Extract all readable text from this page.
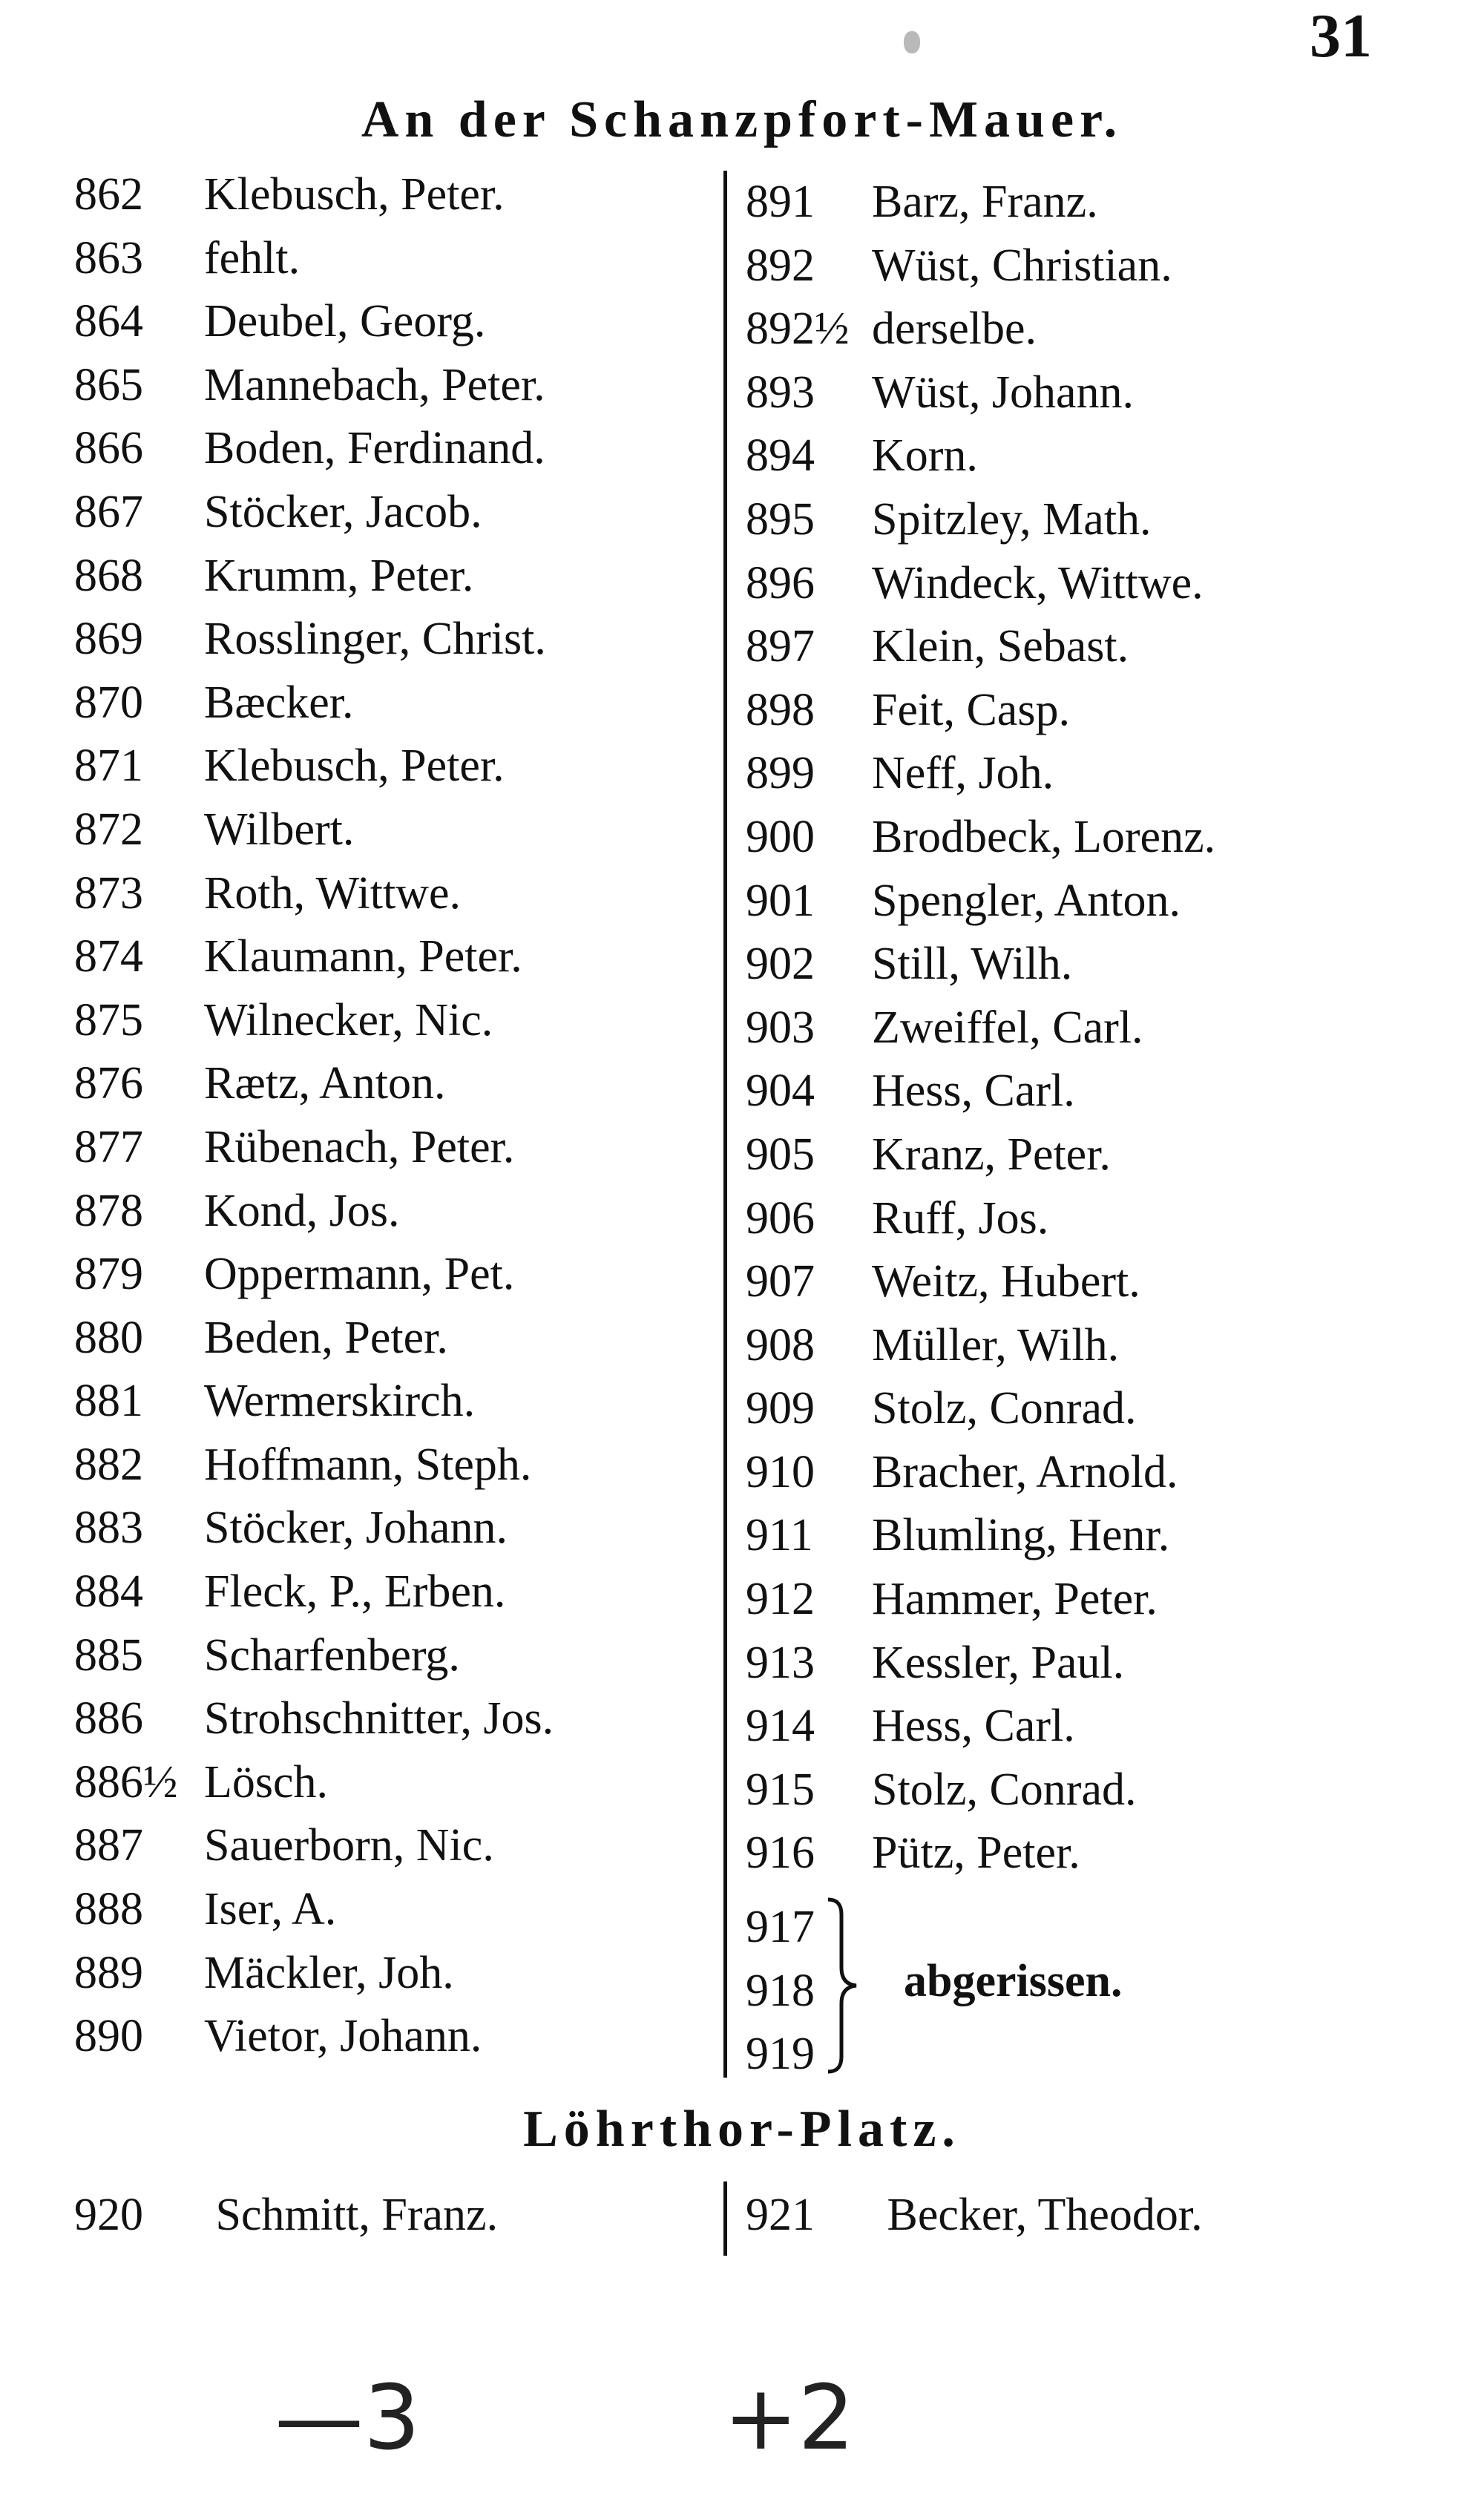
31
An der Schanzpfort-Mauer.
862 Klebusch, Peter.
863fehlt.
864 Deubel, Georg.
865 Mannebach, Peter.
866 Boden, Ferdinand.
867 Stöcker, Jacob.
868 Krumm, Peter.
869 Rosslinger, Christ.
870 Bæcker.
871 Klebusch, Peter.
872 Wilbert.
873 Roth, Wittwe.
874 Klaumann, Peter.
875 Wilnecker, Nic.
876 Rætz, Anton.
877 Rübenach, Peter.
878 Kond, Jos.
879 Oppermann, Pet.
880 Beden, Peter.
881 Wermerskirch.
882 Hoffmann, Steph.
883 Stöcker, Johann.
884 Fleck, P., Erben.
885 Scharfenberg.
886 Strohschnitter, Jos.
886½ Lösch.
887 Sauerborn, Nic.
888 Iser, A.
889 Mäckler, Joh.
890 Vietor, Johann.
891 Barz, Franz.
892 Wüst, Christian.
892½ derselbe.
893 Wüst, Johann.
894 Korn.
895 Spitzley, Math.
896 Windeck, Wittwe.
897 Klein, Sebast.
898 Feit, Casp.
899 Neff, Joh.
900 Brodbeck, Lorenz.
901 Spengler, Anton.
902 Still, Wilh.
903 Zweiffel, Carl.
904 Hess, Carl.
905 Kranz, Peter.
906 Ruff, Jos.
907 Weitz, Hubert.
908 Müller, Wilh.
909 Stolz, Conrad.
910 Bracher, Arnold.
911 Blumling, Henr.
912 Hammer, Peter.
913 Kessler, Paul.
914 Hess, Carl.
915 Stolz, Conrad.
916 Pütz, Peter.
917
918
919
abgerissen.
Löhrthor-Platz.
920 Schmitt, Franz.	921 Becker, Theodor.
—3	+2
